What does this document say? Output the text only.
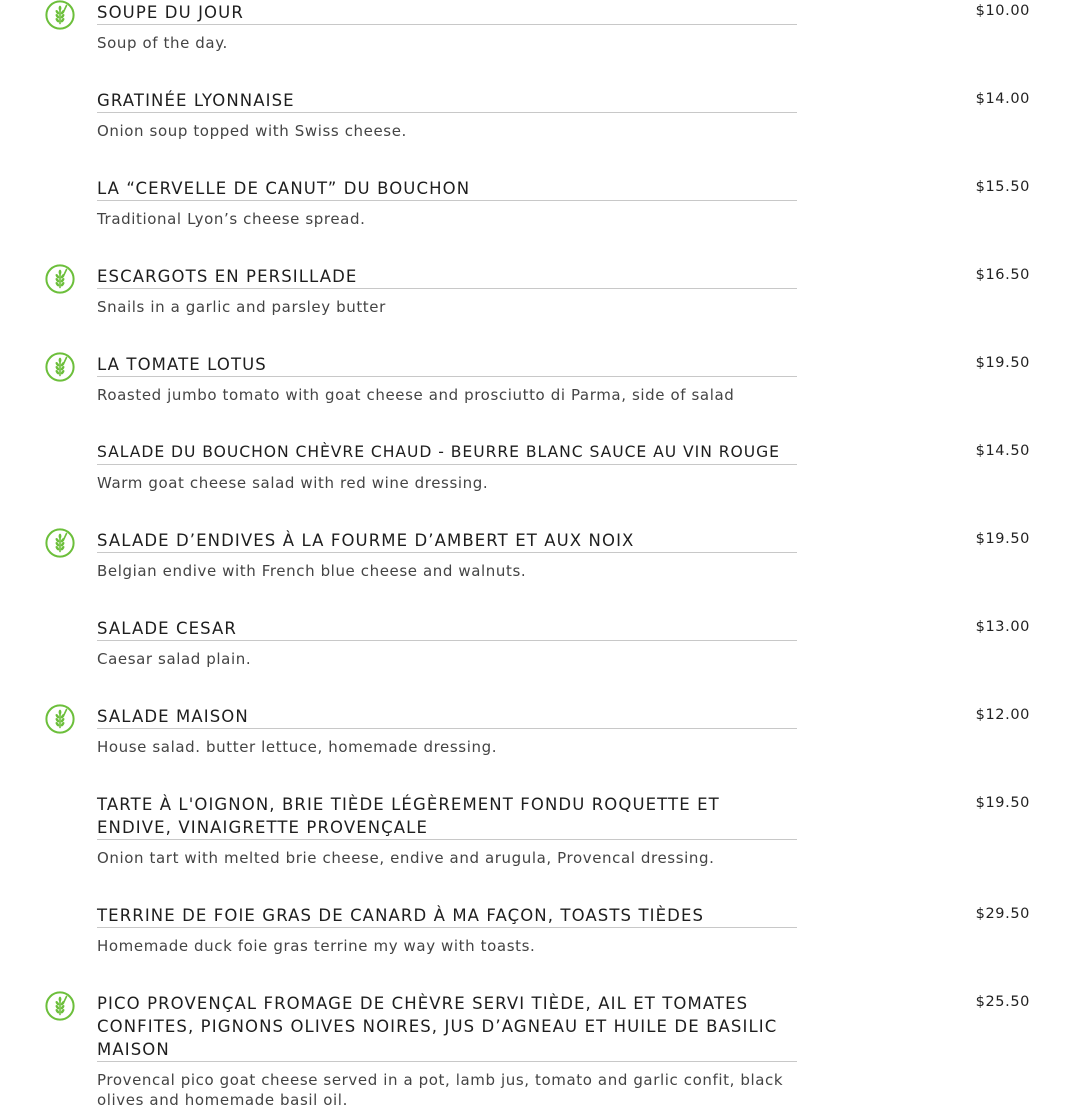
SOUPE DU JOUR
Soup of the day.
$10.00
GRATINÉE LYONNAISE
Onion soup topped with Swiss cheese.
$14.00
LA “CERVELLE DE CANUT” DU BOUCHON
Traditional Lyon’s cheese spread.
$15.50
ESCARGOTS EN PERSILLADE
Snails in a garlic and parsley butter
$16.50
LA TOMATE LOTUS
Roasted jumbo tomato with goat cheese and prosciutto di Parma, side of salad
$19.50
SALADE DU BOUCHON CHÈVRE CHAUD - BEURRE BLANC SAUCE AU VIN ROUGE
Warm goat cheese salad with red wine dressing.
$14.50
SALADE D’ENDIVES À LA FOURME D’AMBERT ET AUX NOIX
Belgian endive with French blue cheese and walnuts.
$19.50
SALADE CESAR
Caesar salad plain.
$13.00
SALADE MAISON
House salad. butter lettuce, homemade dressing.
$12.00
TARTE À L'OIGNON, BRIE TIÈDE LÉGÈREMENT FONDU ROQUETTE ET ENDIVE, VINAIGRETTE PROVENÇALE
Onion tart with melted brie cheese, endive and arugula, Provencal dressing.
$19.50
TERRINE DE FOIE GRAS DE CANARD À MA FAÇON, TOASTS TIÈDES
Homemade duck foie gras terrine my way with toasts.
$29.50
PICO PROVENÇAL FROMAGE DE CHÈVRE SERVI TIÈDE, AIL ET TOMATES CONFITES, PIGNONS OLIVES NOIRES, JUS D’AGNEAU ET HUILE DE BASILIC MAISON
Provencal pico goat cheese served in a pot, lamb jus, tomato and garlic confit, black olives and homemade basil oil.
$25.50
